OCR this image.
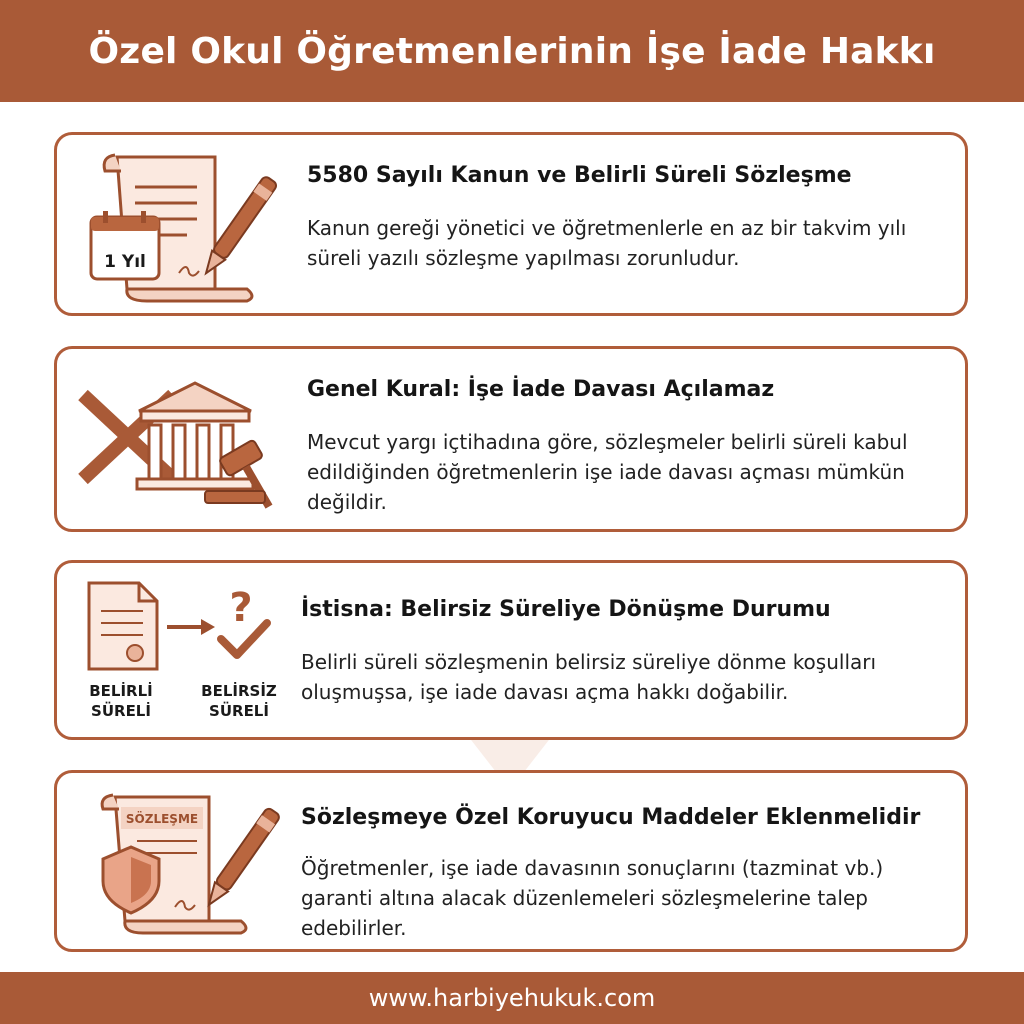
Özel Okul Öğretmenlerinin İşe İade Hakkı
1 Yıl

5580 Sayılı Kanun ve Belirli Süreli Sözleşme

Kanun gereği yönetici ve öğretmenlerle en az bir takvim yılı süreli yazılı sözleşme yapılması zorunludur.

Genel Kural: İşe İade Davası Açılamaz

Mevcut yargı içtihadına göre, sözleşmeler belirli süreli kabul edildiğinden öğretmenlerin işe iade davası açması mümkün değildir.

?
BELİRLİ
SÜRELİ
BELİRSİZ
SÜRELİ

İstisna: Belirsiz Süreliye Dönüşme Durumu

Belirli süreli sözleşmenin belirsiz süreliye dönme koşulları oluşmuşsa, işe iade davası açma hakkı doğabilir.

SÖZLEŞME	Sözleşmeye Özel Koruyucu Maddeler Eklenmelidir

Öğretmenler, işe iade davasının sonuçlarını (tazminat vb.) garanti altına alacak düzenlemeleri sözleşmelerine talep edebilirler.

www.harbiyehukuk.com
